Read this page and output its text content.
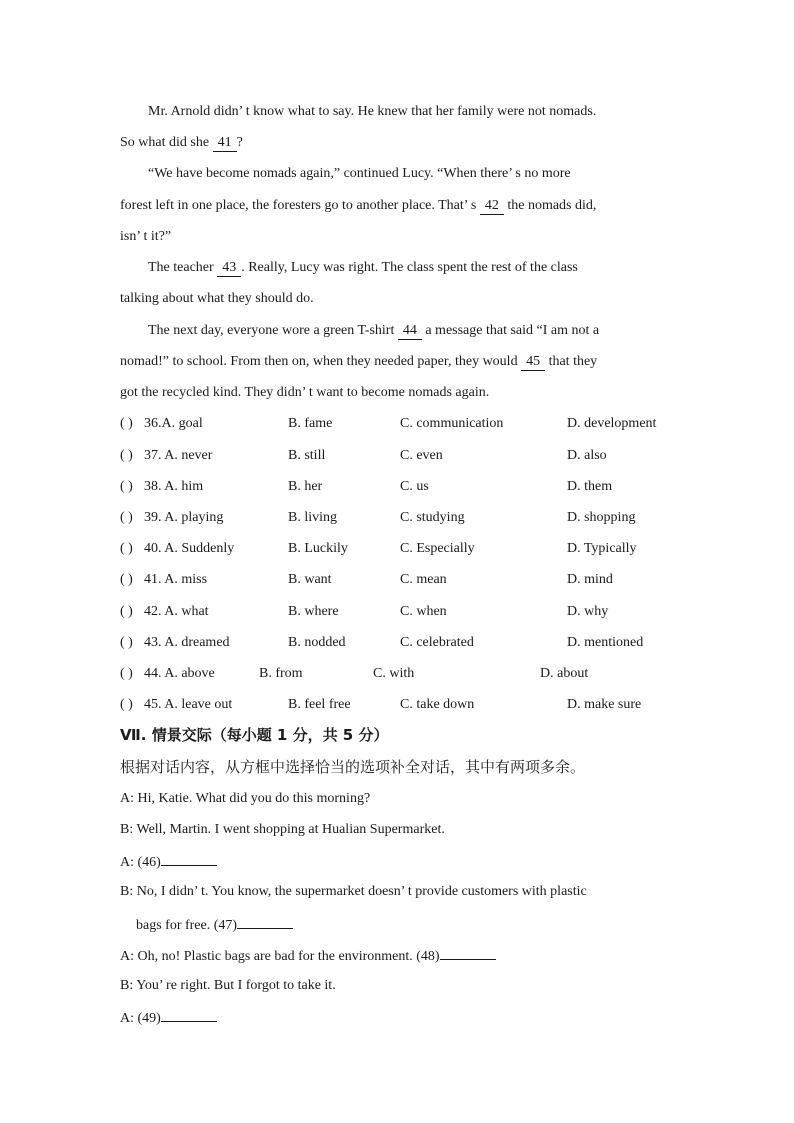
Mr. Arnold didn’ t know what to say. He knew that her family were not nomads.
So what did she 41 ?
“We have become nomads again,” continued Lucy. “When there’ s no more
forest left in one place, the foresters go to another place. That’ s 42 the nomads did,
isn’ t it?”
The teacher 43 . Really, Lucy was right. The class spent the rest of the class
talking about what they should do.
The next day, everyone wore a green T-shirt 44 a message that said “I am not a
nomad!” to school. From then on, when they needed paper, they would 45 that they
got the recycled kind. They didn’ t want to become nomads again.
( ) 36.A. goal	B. fame	C. communication	D. development
( ) 37. A. never	B. still	C. even	D. also
( ) 38. A. him	B. her	C. us	D. them
( ) 39. A. playing	B. living	C. studying	D. shopping
( ) 40. A. Suddenly	B. Luckily	C. Especially	D. Typically
( ) 41. A. miss	B. want	C. mean	D. mind
( ) 42. A. what	B. where	C. when	D. why
( ) 43. A. dreamed	B. nodded	C. celebrated	D. mentioned
( ) 44. A. above	B. from	C. with	D. about
( ) 45. A. leave out	B. feel free	C. take down	D. make sure
Ⅶ. 情景交际（每小题 1 分，共 5 分）
根据对话内容，从方框中选择恰当的选项补全对话，其中有两项多余。
A: Hi, Katie. What did you do this morning?
B: Well, Martin. I went shopping at Hualian Supermarket.
A: (46)
B: No, I didn’ t. You know, the supermarket doesn’ t provide customers with plastic
bags for free. (47)
A: Oh, no! Plastic bags are bad for the environment. (48)
B: You’ re right. But I forgot to take it.
A: (49)
